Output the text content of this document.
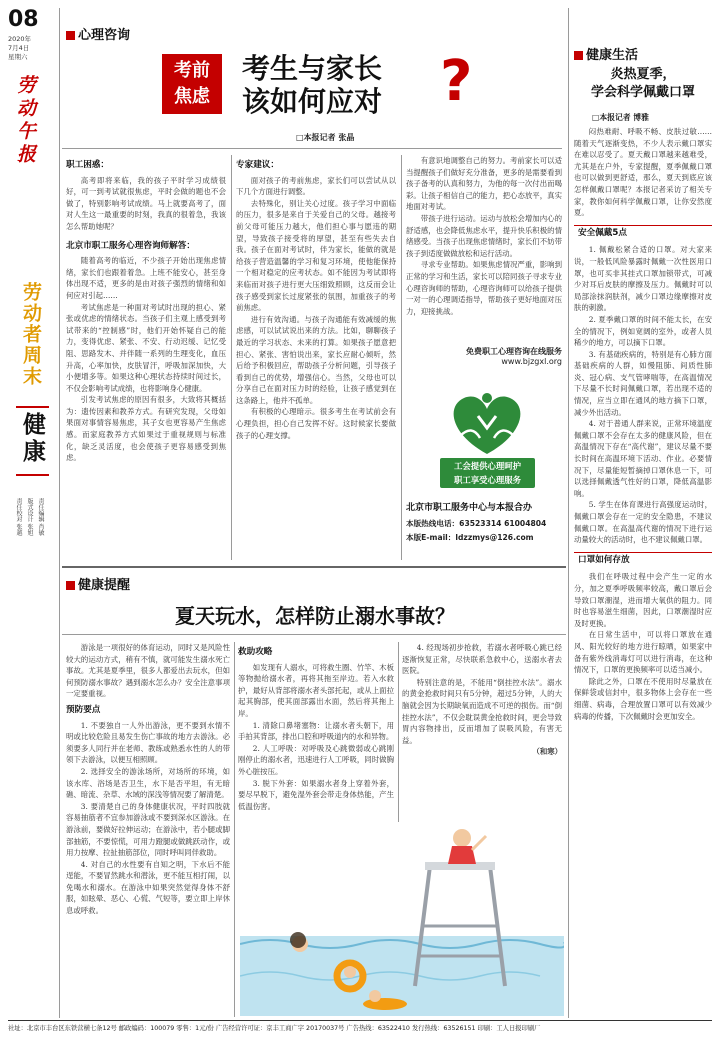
08
2020年
7月4日
星期六
劳动午报
劳动者周末
健康
责任编辑 肖敏
版式设计 张旭
责任校对 张越
心理咨询
考前
焦虑
考生与家长
该如何应对 ?
□本报记者 张晶
职工困惑：

高考即将来临，我的孩子平时学习成绩很好，可一到考试就很焦虑，平时会做的题也不会做了，特别影响考试成绩。马上就要高考了，面对人生这一最重要的时刻，我真的很着急，我该怎么帮助她呢？

北京市职工服务心理咨询师解答：

随着高考的临近，不少孩子开始出现焦虑情绪，家长们也跟着着急。上班不能安心，甚至身体出现不适，更多的是由对孩子强烈的情绪和如何应对引起……

考试焦虑是一种面对考试时出现的担心、紧张或优虑的情绪状态。当孩子们主观上感受到考试带来的“控制感”时，他们开始怀疑自己的能力，变得优虑、紧张、不安、行动迟缓、记忆受阻、思路发木、并伴随一系列的生理变化，血压升高，心率加快，皮肤冒汗，呼吸加深加快，大小便增多等。如果这种心理状态持续时间过长，不仅会影响考试成绩，也将影响身心健康。

引发考试焦虑的原因有很多，大致将其概括为：遗传因素和教养方式。有研究发现，父母如果面对事情容易焦虑，其子女也更容易产生焦虑感。而家庭教养方式如果过于重视规则与标准化，缺乏灵活度，也会使孩子更容易感受到焦虑。

专家建议：

面对孩子的考前焦虑，家长们可以尝试从以下几个方面进行调整。

去特殊化，别让关心过度。孩子学习中面临的压力，很多是来自于关爱自己的父母。越接考前父母可能压力越大，他们担心事与愿违的期望，导致孩子接受将的厚望，甚至有些失去自我。孩子在面对考试时，伴为家长，能做的就是给孩子营造温馨的学习和复习环境，使他能保持一个相对稳定的应考状态。如不能因为考试即将来临而对孩子进行更大压细致照顾，这反而会让孩子感受到家长过度紧张的氛围，加重孩子的考前焦虑。

进行有效沟通。与孩子沟通能有效减缓的焦虑感，可以试试说出来的方法。比如，聊聊孩子最近的学习状态、未来的打算。如果孩子愿意把担心、紧张、害怕说出来，家长应耐心倾听，然后给予积极回应，帮助孩子分析问题，引导孩子看到自己的优势，增强信心。当然，父母也可以分享自己在面对压力时的经验，让孩子感觉到在这条路上，他并不孤单。

有积极的心理暗示。很多考生在考试前会有心理负担，担心自己发挥不好。这时候家长要做孩子的心理支撑。

有意识地调整自己的努力。考前家长可以适当提醒孩子们做好充分准备，更多的是需要看到孩子备考的认真和努力，为他的每一次付出而喝彩。让孩子相信自己的能力，把心态放平，真实地面对考试。

带孩子进行运动。运动与放松会增加内心的舒适感，也会降低焦虑水平，提升快乐积极的情绪感受。当孩子出现焦虑情绪时，家长们不妨带孩子到适度做做放松和运行活动。

寻求专业帮助。如果焦虑情况严重，影响到正常的学习和生活，家长可以陪同孩子寻求专业心理咨询师的帮助，心理咨询师可以给孩子提供一对一的心理调适指导，帮助孩子更好地面对压力，迎接挑战。

免费职工心理咨询在线服务
www.bjzgxl.org
工会提供心理呵护
职工享受心理服务
北京市职工服务中心与本报合办
本版热线电话：63523314 61004804
本版E-mail：ldzzmys@126.com
健康生活
炎热夏季，
学会科学佩戴口罩
□本报记者 博雅

闷热难耐、呼吸不畅、皮肤过敏……随着天气逐渐变热，不少人表示戴口罩实在难以忍受了。夏天戴口罩越来越难受，尤其是在户外，专家提醒，夏季佩戴口罩也可以做到更舒适，那么，夏天到底应该怎样佩戴口罩呢？本报记者采访了相关专家，教你如何科学佩戴口罩，让你安然度夏。

安全佩戴5点

1. 佩戴松紧合适的口罩。对大家来说，一般低风险暴露时佩戴一次性医用口罩，也可买非其挂式口罩加锁带式，可减少对耳后皮肤的摩擦及压力。佩戴时可以局部涂抹润肤剂，减少口罩边缘摩擦对皮肤的刺激。

2. 夏季戴口罩的时间不能太长，在安全的情况下，例如宽阔的室外，或者人员稀少的地方，可以摘下口罩。

3. 有基础疾病的，特别是有心肺方面基础疾病的人群，如慢阻肺、间质性肺炎、冠心病、支气管哮喘等，在高温情况下尽量不长时间佩戴口罩，若出现不适的情况，应当立即在通风的地方摘下口罩，减少外出活动。

4. 对于普通人群来说，正常环境温度佩戴口罩不会存在太多的健康风险，但在高温情况下存在“高代谢”，建议尽量不要长时间在高温环境下活动、作业。必要情况下，尽量能短暂摘掉口罩休息一下，可以选择佩戴透气性好的口罩，降低高温影响。

5. 学生在体育课进行高强度运动时，佩戴口罩会存在一定的安全隐患，不建议佩戴口罩。在高温高代谢的情况下进行运动量较大的活动时，也不建议佩戴口罩。

口罩如何存放

我们在呼吸过程中会产生一定的水分，加之夏季呼吸频率较高，戴口罩后会导致口罩潮湿，进而增大氧供的阻力。同时也容易滋生细菌，因此，口罩潮湿时应及时更换。

在日常生活中，可以将口罩放在通风、阳光较好的地方进行晾晒，如果家中备有紫外线消毒灯可以进行消毒，在这种情况下，口罩的更换频率可以适当减小。

除此之外，口罩在不使用时尽量放在保鲜袋或信封中，很多物体上会存在一些细菌、病毒，合理放置口罩可以有效减少病毒的传播，下次佩戴时会更加安全。

健康提醒
夏天玩水，怎样防止溺水事故？

游泳是一项很好的体育运动，同时又是风险性较大的运动方式，稍有不慎，就可能发生溺水死亡事故。尤其是夏季里，很多人都爱出去玩水，但如何预防溺水事故？遇到溺水怎么办？安全注意事项一定要重视。

预防要点

1. 不要独自一人外出游泳，更不要到水情不明或比较危险且易发生伤亡事故的地方去游泳。必须要多人同行并在老师、教练或熟悉水性的人的带领下去游泳，以便互相照顾。

2. 选择安全的游泳场所，对场所的环境，如该水库、浴场是否卫生，水下是否平坦，有无暗礁、暗流、杂草、水域的深浅等情况要了解清楚。

3. 要清楚自己的身体健康状况，平时四肢就容易抽筋者不宜参加游泳或不要到深水区游泳。在游泳前，要做好拉伸运动；在游泳中，若小腿或脚部抽筋，不要惊慌，可用力蹬腿或做跳跃动作，或用力按摩、拉扯抽筋部位，同时呼叫同伴救助。

4. 对自己的水性要有自知之明，下水后不能逞能，不要冒然跳水和潜泳，更不能互相打闹，以免喝水和溺水。在游泳中如果突然觉得身体不舒服，如眩晕、恶心、心慌、气短等，要立即上岸休息或呼救。

救助攻略

如发现有人溺水，可将救生圈、竹竿、木板等物抛给溺水者，再将其拖至岸边。若入水救护，最好从背部将溺水者头部托起，或从上面拉起其胸部，使其面部露出水面，然后将其拖上岸。

1. 清除口鼻堵塞物：让溺水者头朝下，用手拍其背部，排出口腔和呼吸道内的水和异物。

2. 人工呼吸：对呼吸及心跳微弱或心跳刚刚停止的溺水者，迅速进行人工呼吸，同时做胸外心脏按压。

3. 脱下外套：如果溺水者身上穿着外套，要尽早脱下，避免湿外套会带走身体热能，产生低温伤害。

4. 经现场初步抢救，若溺水者呼吸心跳已经逐渐恢复正常，尽快联系急救中心，送溺水者去医院。

特别注意的是，不能用“倒挂控水法”。溺水的黄金抢救时间只有5分钟，超过5分钟，人的大脑就会因为长期缺氧而造成不可逆的损伤。而“倒挂控水法”，不仅会耽误黄金抢救时间，更会导致胃内容物排出，反而增加了误吸风险，有害无益。

（和寒）
社址：北京市丰台区东铁营横七条12号 邮政编码：100079 零售：1元/份 广告经营许可证：京丰工商广字 20170037号 广告热线：63522410 发行热线：63526151 印刷：工人日报印刷厂
